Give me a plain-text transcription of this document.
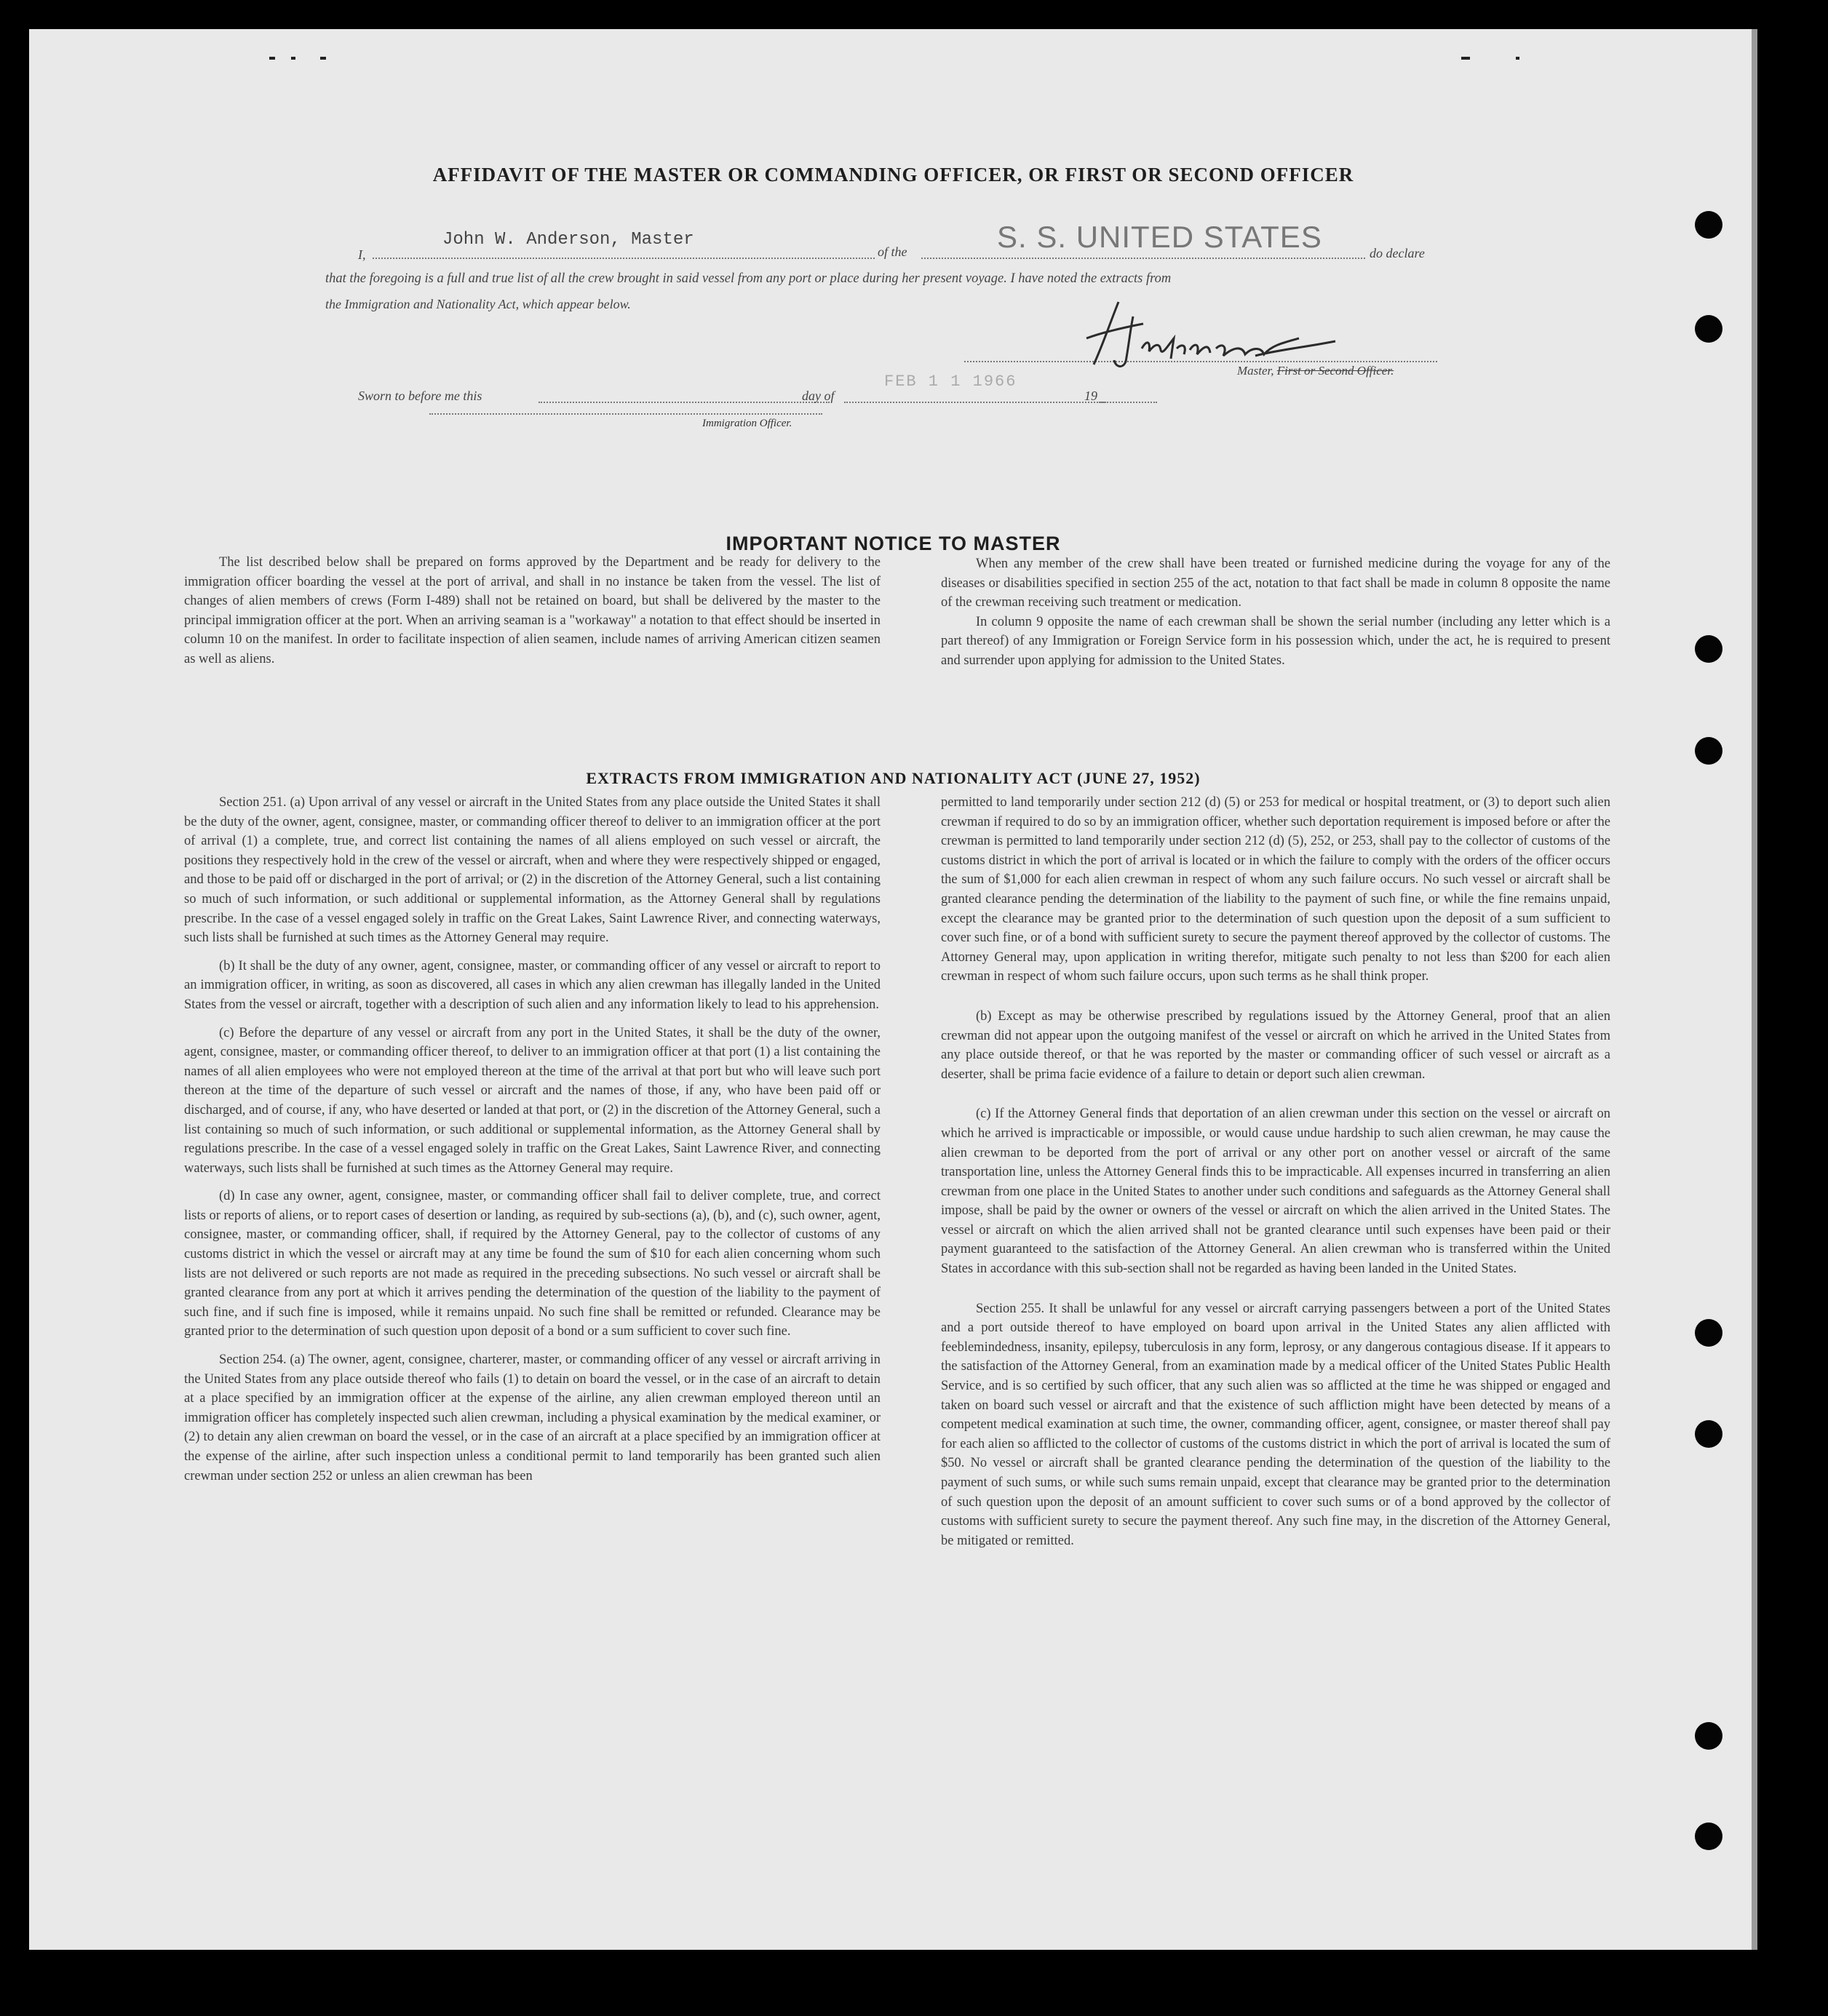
AFFIDAVIT OF THE MASTER OR COMMANDING OFFICER, OR FIRST OR SECOND OFFICER
I,
John W. Anderson, Master
of the	S. S. UNITED STATES	do declare
that the foregoing is a full and true list of all the crew brought in said vessel from any port or place during her present voyage. I have noted the extracts from
the Immigration and Nationality Act, which appear below.
Master, First or Second Officer.
Sworn to before me this	day of
FEB 1 1 1966
19
Immigration Officer.
IMPORTANT NOTICE TO MASTER

The list described below shall be prepared on forms approved by the Department and be ready for delivery to the immigration officer boarding the vessel at the port of arrival, and shall in no instance be taken from the vessel. The list of changes of alien members of crews (Form I-489) shall not be retained on board, but shall be delivered by the master to the principal immigration officer at the port. When an arriving seaman is a "workaway" a notation to that effect should be inserted in column 10 on the manifest. In order to facilitate inspection of alien seamen, include names of arriving American citizen seamen as well as aliens.

When any member of the crew shall have been treated or furnished medicine during the voyage for any of the diseases or disabilities specified in section 255 of the act, notation to that fact shall be made in column 8 opposite the name of the crewman receiving such treatment or medication.

In column 9 opposite the name of each crewman shall be shown the serial number (including any letter which is a part thereof) of any Immigration or Foreign Service form in his possession which, under the act, he is required to present and surrender upon applying for admission to the United States.

EXTRACTS FROM IMMIGRATION AND NATIONALITY ACT (JUNE 27, 1952)

Section 251. (a) Upon arrival of any vessel or aircraft in the United States from any place outside the United States it shall be the duty of the owner, agent, consignee, master, or commanding officer thereof to deliver to an immigration officer at the port of arrival (1) a complete, true, and correct list containing the names of all aliens employed on such vessel or aircraft, the positions they respectively hold in the crew of the vessel or aircraft, when and where they were respectively shipped or engaged, and those to be paid off or discharged in the port of arrival; or (2) in the discretion of the Attorney General, such a list containing so much of such information, or such additional or supplemental information, as the Attorney General shall by regulations prescribe. In the case of a vessel engaged solely in traffic on the Great Lakes, Saint Lawrence River, and connecting waterways, such lists shall be furnished at such times as the Attorney General may require.

(b) It shall be the duty of any owner, agent, consignee, master, or commanding officer of any vessel or aircraft to report to an immigration officer, in writing, as soon as discovered, all cases in which any alien crewman has illegally landed in the United States from the vessel or aircraft, together with a description of such alien and any information likely to lead to his apprehension.

(c) Before the departure of any vessel or aircraft from any port in the United States, it shall be the duty of the owner, agent, consignee, master, or commanding officer thereof, to deliver to an immigration officer at that port (1) a list containing the names of all alien employees who were not employed thereon at the time of the arrival at that port but who will leave such port thereon at the time of the departure of such vessel or aircraft and the names of those, if any, who have been paid off or discharged, and of course, if any, who have deserted or landed at that port, or (2) in the discretion of the Attorney General, such a list containing so much of such information, or such additional or supplemental information, as the Attorney General shall by regulations prescribe. In the case of a vessel engaged solely in traffic on the Great Lakes, Saint Lawrence River, and connecting waterways, such lists shall be furnished at such times as the Attorney General may require.

(d) In case any owner, agent, consignee, master, or commanding officer shall fail to deliver complete, true, and correct lists or reports of aliens, or to report cases of desertion or landing, as required by sub-sections (a), (b), and (c), such owner, agent, consignee, master, or commanding officer, shall, if required by the Attorney General, pay to the collector of customs of any customs district in which the vessel or aircraft may at any time be found the sum of $10 for each alien concerning whom such lists are not delivered or such reports are not made as required in the preceding subsections. No such vessel or aircraft shall be granted clearance from any port at which it arrives pending the determination of the question of the liability to the payment of such fine, and if such fine is imposed, while it remains unpaid. No such fine shall be remitted or refunded. Clearance may be granted prior to the determination of such question upon deposit of a bond or a sum sufficient to cover such fine.

Section 254. (a) The owner, agent, consignee, charterer, master, or commanding officer of any vessel or aircraft arriving in the United States from any place outside thereof who fails (1) to detain on board the vessel, or in the case of an aircraft to detain at a place specified by an immigration officer at the expense of the airline, any alien crewman employed thereon until an immigration officer has completely inspected such alien crewman, including a physical examination by the medical examiner, or (2) to detain any alien crewman on board the vessel, or in the case of an aircraft at a place specified by an immigration officer at the expense of the airline, after such inspection unless a conditional permit to land temporarily has been granted such alien crewman under section 252 or unless an alien crewman has been

permitted to land temporarily under section 212 (d) (5) or 253 for medical or hospital treatment, or (3) to deport such alien crewman if required to do so by an immigration officer, whether such deportation requirement is imposed before or after the crewman is permitted to land temporarily under section 212 (d) (5), 252, or 253, shall pay to the collector of customs of the customs district in which the port of arrival is located or in which the failure to comply with the orders of the officer occurs the sum of $1,000 for each alien crewman in respect of whom any such failure occurs. No such vessel or aircraft shall be granted clearance pending the determination of the liability to the payment of such fine, or while the fine remains unpaid, except the clearance may be granted prior to the determination of such question upon the deposit of a sum sufficient to cover such fine, or of a bond with sufficient surety to secure the payment thereof approved by the collector of customs. The Attorney General may, upon application in writing therefor, mitigate such penalty to not less than $200 for each alien crewman in respect of whom such failure occurs, upon such terms as he shall think proper.

(b) Except as may be otherwise prescribed by regulations issued by the Attorney General, proof that an alien crewman did not appear upon the outgoing manifest of the vessel or aircraft on which he arrived in the United States from any place outside thereof, or that he was reported by the master or commanding officer of such vessel or aircraft as a deserter, shall be prima facie evidence of a failure to detain or deport such alien crewman.

(c) If the Attorney General finds that deportation of an alien crewman under this section on the vessel or aircraft on which he arrived is impracticable or impossible, or would cause undue hardship to such alien crewman, he may cause the alien crewman to be deported from the port of arrival or any other port on another vessel or aircraft of the same transportation line, unless the Attorney General finds this to be impracticable. All expenses incurred in transferring an alien crewman from one place in the United States to another under such conditions and safeguards as the Attorney General shall impose, shall be paid by the owner or owners of the vessel or aircraft on which the alien arrived in the United States. The vessel or aircraft on which the alien arrived shall not be granted clearance until such expenses have been paid or their payment guaranteed to the satisfaction of the Attorney General. An alien crewman who is transferred within the United States in accordance with this sub-section shall not be regarded as having been landed in the United States.

Section 255. It shall be unlawful for any vessel or aircraft carrying passengers between a port of the United States and a port outside thereof to have employed on board upon arrival in the United States any alien afflicted with feeblemindedness, insanity, epilepsy, tuberculosis in any form, leprosy, or any dangerous contagious disease. If it appears to the satisfaction of the Attorney General, from an examination made by a medical officer of the United States Public Health Service, and is so certified by such officer, that any such alien was so afflicted at the time he was shipped or engaged and taken on board such vessel or aircraft and that the existence of such affliction might have been detected by means of a competent medical examination at such time, the owner, commanding officer, agent, consignee, or master thereof shall pay for each alien so afflicted to the collector of customs of the customs district in which the port of arrival is located the sum of $50. No vessel or aircraft shall be granted clearance pending the determination of the question of the liability to the payment of such sums, or while such sums remain unpaid, except that clearance may be granted prior to the determination of such question upon the deposit of an amount sufficient to cover such sums or of a bond approved by the collector of customs with sufficient surety to secure the payment thereof. Any such fine may, in the discretion of the Attorney General, be mitigated or remitted.
